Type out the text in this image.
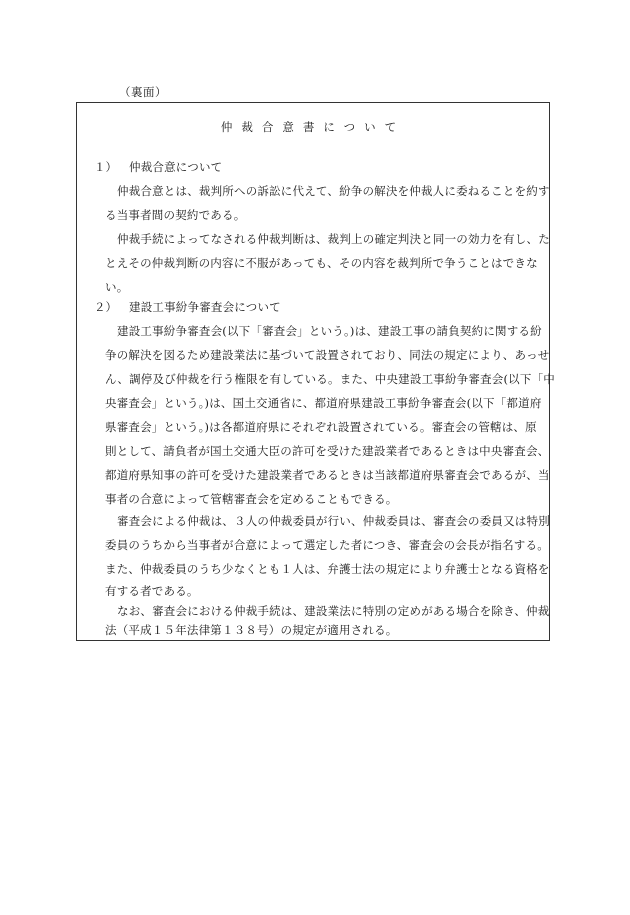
（裏面）
仲裁合意書について
１） 仲裁合意について
仲裁合意とは、裁判所への訴訟に代えて、紛争の解決を仲裁人に委ねることを約す
る当事者間の契約である。
仲裁手続によってなされる仲裁判断は、裁判上の確定判決と同一の効力を有し、た
とえその仲裁判断の内容に不服があっても、その内容を裁判所で争うことはできな
い。
２） 建設工事紛争審査会について
建設工事紛争審査会(以下「審査会」という。)は、建設工事の請負契約に関する紛
争の解決を図るため建設業法に基づいて設置されており、同法の規定により、あっせ
ん、調停及び仲裁を行う権限を有している。また、中央建設工事紛争審査会(以下「中
央審査会」という。)は、国土交通省に、都道府県建設工事紛争審査会(以下「都道府
県審査会」という。)は各都道府県にそれぞれ設置されている。審査会の管轄は、原
則として、請負者が国土交通大臣の許可を受けた建設業者であるときは中央審査会、
都道府県知事の許可を受けた建設業者であるときは当該都道府県審査会であるが、当
事者の合意によって管轄審査会を定めることもできる。
審査会による仲裁は、３人の仲裁委員が行い、仲裁委員は、審査会の委員又は特別
委員のうちから当事者が合意によって選定した者につき、審査会の会長が指名する。
また、仲裁委員のうち少なくとも１人は、弁護士法の規定により弁護士となる資格を
有する者である。
なお、審査会における仲裁手続は、建設業法に特別の定めがある場合を除き、仲裁
法（平成１５年法律第１３８号）の規定が適用される。
